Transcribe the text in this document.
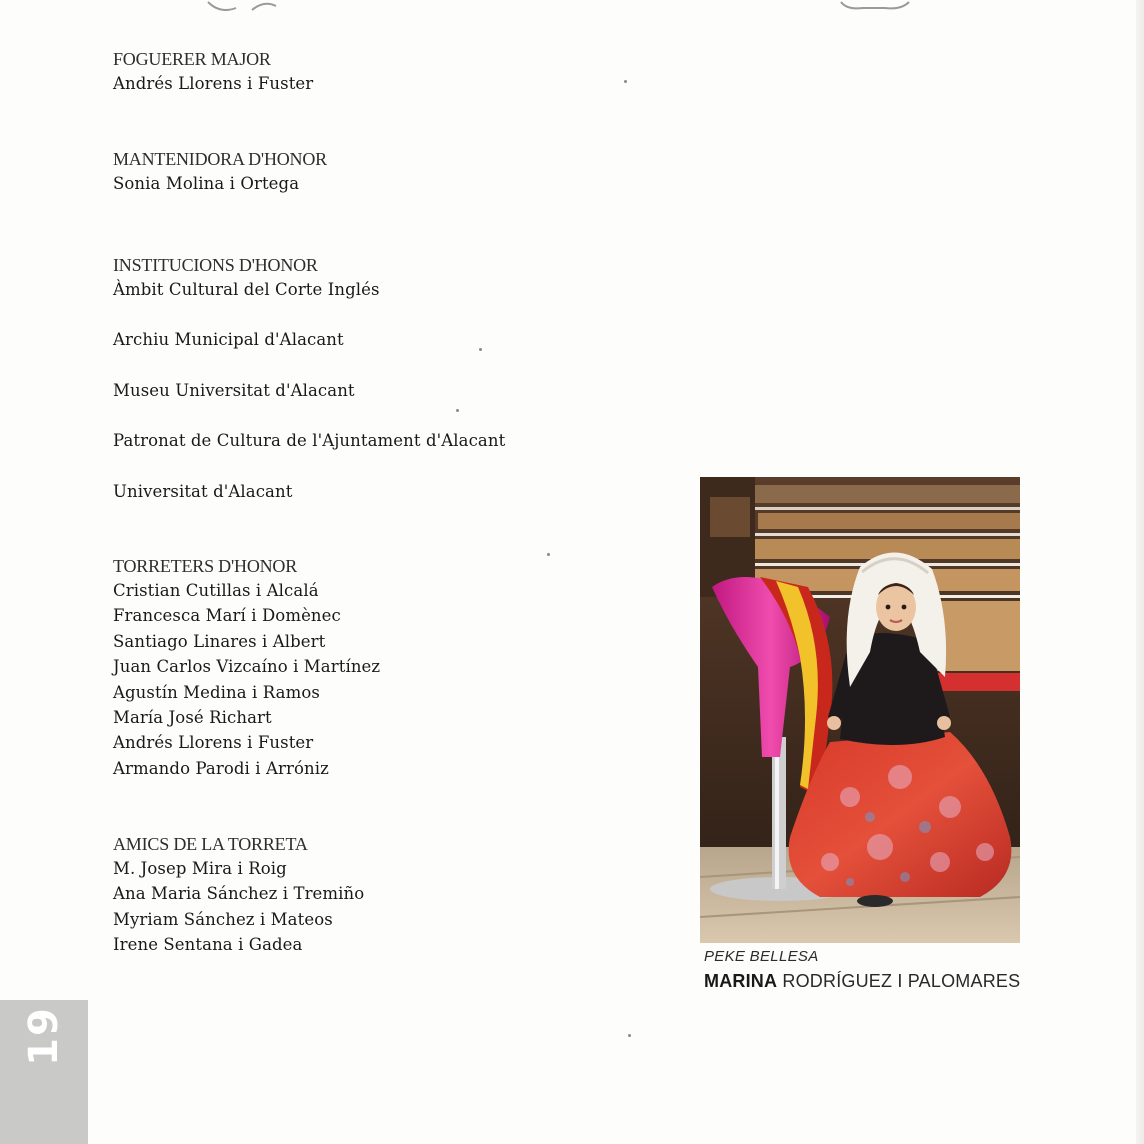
FOGUERER MAJOR
Andrés Llorens i Fuster
MANTENIDORA D'HONOR
Sonia Molina i Ortega
INSTITUCIONS D'HONOR
Àmbit Cultural del Corte Inglés
Archiu Municipal d'Alacant
Museu Universitat d'Alacant
Patronat de Cultura de l'Ajuntament d'Alacant
Universitat d'Alacant
TORRETERS D'HONOR
Cristian Cutillas i Alcalá
Francesca Marí i Domènec
Santiago Linares i Albert
Juan Carlos Vizcaíno i Martínez
Agustín Medina i Ramos
María José Richart
Andrés Llorens i Fuster
Armando Parodi i Arróniz
AMICS DE LA TORRETA
M. Josep Mira i Roig
Ana Maria Sánchez i Tremiño
Myriam Sánchez i Mateos
Irene Sentana i Gadea
PEKE BELLESA
MARINA RODRÍGUEZ I PALOMARES
19
